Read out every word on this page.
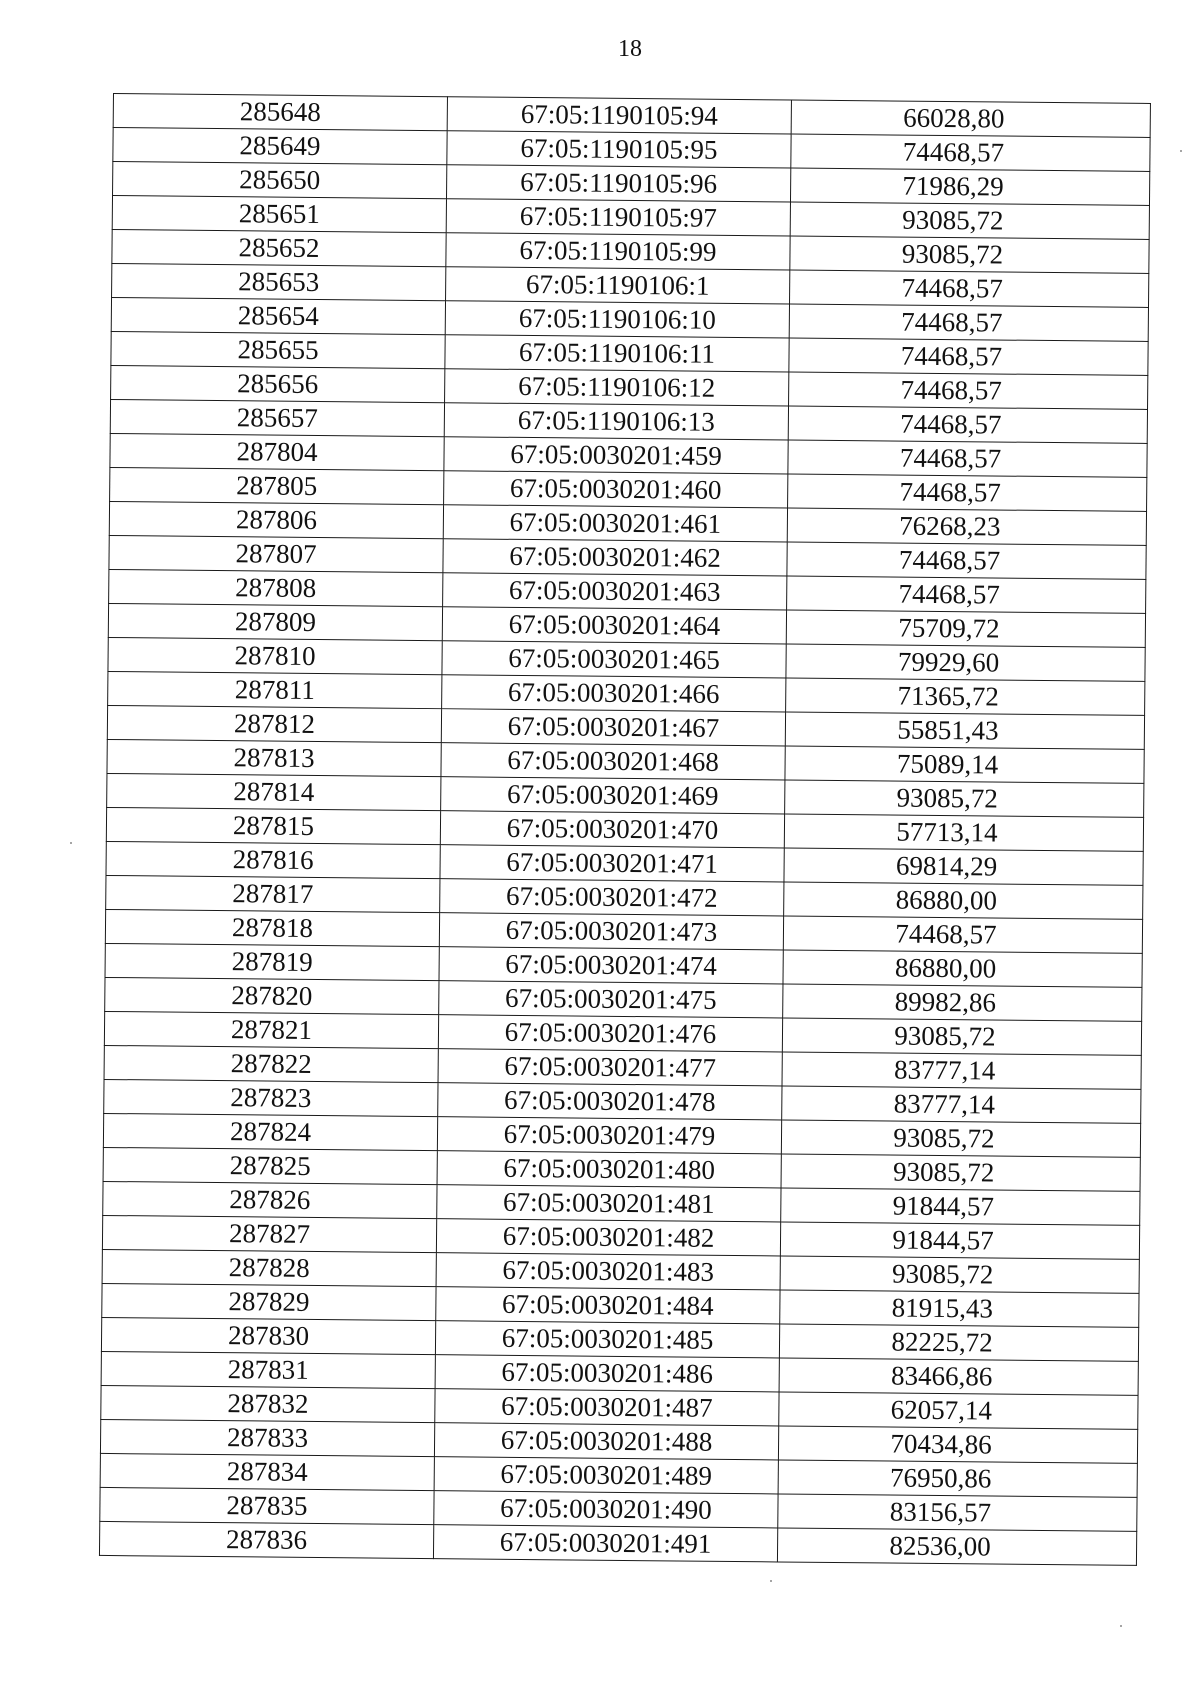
18
285648	67:05:1190105:94	66028,80
285649	67:05:1190105:95	74468,57
285650	67:05:1190105:96	71986,29
285651	67:05:1190105:97	93085,72
285652	67:05:1190105:99	93085,72
285653	67:05:1190106:1	74468,57
285654	67:05:1190106:10	74468,57
285655	67:05:1190106:11	74468,57
285656	67:05:1190106:12	74468,57
285657	67:05:1190106:13	74468,57
287804	67:05:0030201:459	74468,57
287805	67:05:0030201:460	74468,57
287806	67:05:0030201:461	76268,23
287807	67:05:0030201:462	74468,57
287808	67:05:0030201:463	74468,57
287809	67:05:0030201:464	75709,72
287810	67:05:0030201:465	79929,60
287811	67:05:0030201:466	71365,72
287812	67:05:0030201:467	55851,43
287813	67:05:0030201:468	75089,14
287814	67:05:0030201:469	93085,72
287815	67:05:0030201:470	57713,14
287816	67:05:0030201:471	69814,29
287817	67:05:0030201:472	86880,00
287818	67:05:0030201:473	74468,57
287819	67:05:0030201:474	86880,00
287820	67:05:0030201:475	89982,86
287821	67:05:0030201:476	93085,72
287822	67:05:0030201:477	83777,14
287823	67:05:0030201:478	83777,14
287824	67:05:0030201:479	93085,72
287825	67:05:0030201:480	93085,72
287826	67:05:0030201:481	91844,57
287827	67:05:0030201:482	91844,57
287828	67:05:0030201:483	93085,72
287829	67:05:0030201:484	81915,43
287830	67:05:0030201:485	82225,72
287831	67:05:0030201:486	83466,86
287832	67:05:0030201:487	62057,14
287833	67:05:0030201:488	70434,86
287834	67:05:0030201:489	76950,86
287835	67:05:0030201:490	83156,57
287836	67:05:0030201:491	82536,00
